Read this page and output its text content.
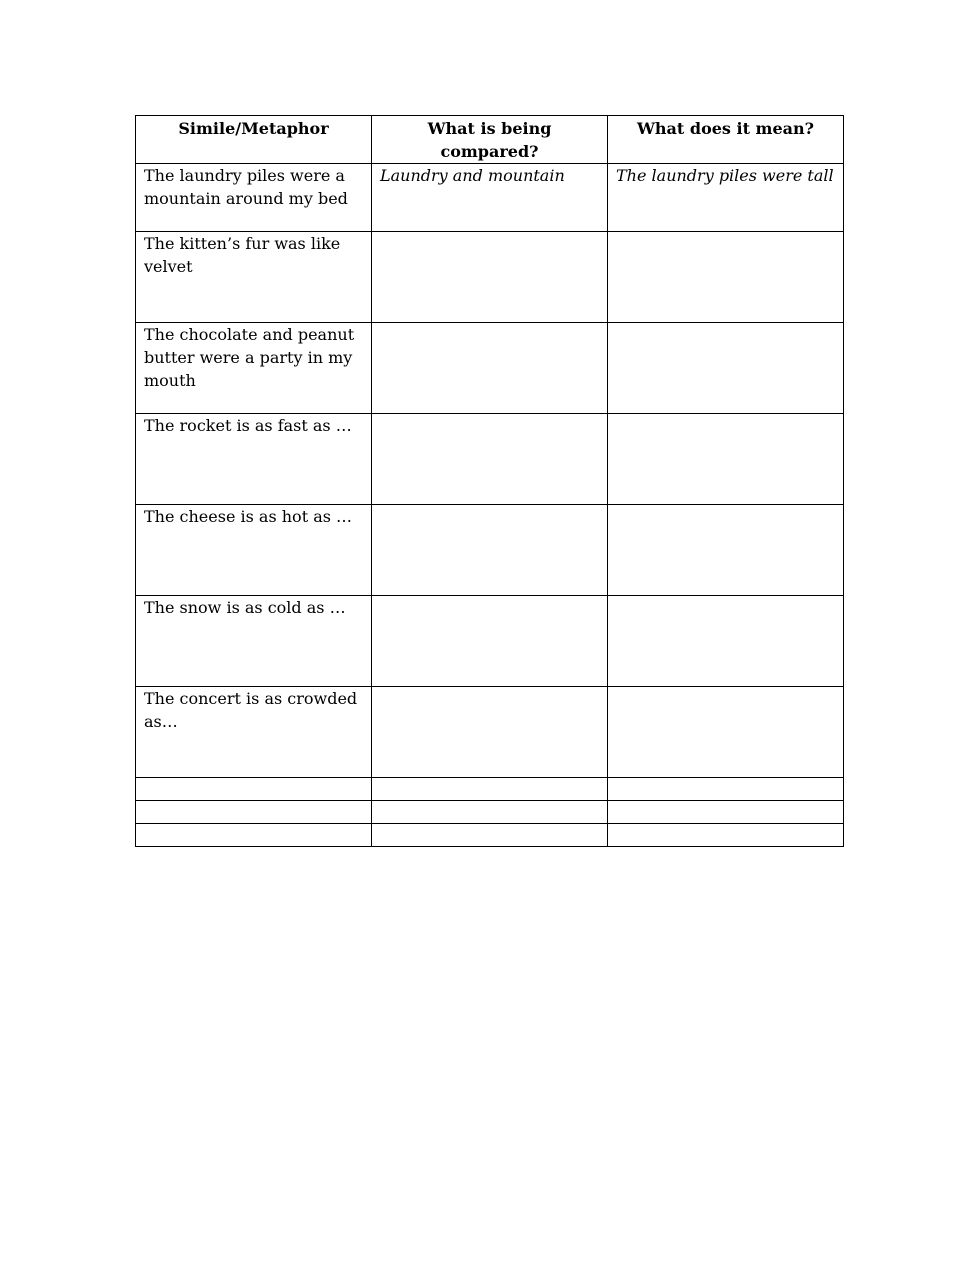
Simile/Metaphor	What is being compared?	What does it mean?
The laundry piles were a mountain around my bed	Laundry and mountain	The laundry piles were tall
The kitten’s fur was like velvet		
The chocolate and peanut butter were a party in my mouth		
The rocket is as fast as …		
The cheese is as hot as …		
The snow is as cold as …		
The concert is as crowded as…		
